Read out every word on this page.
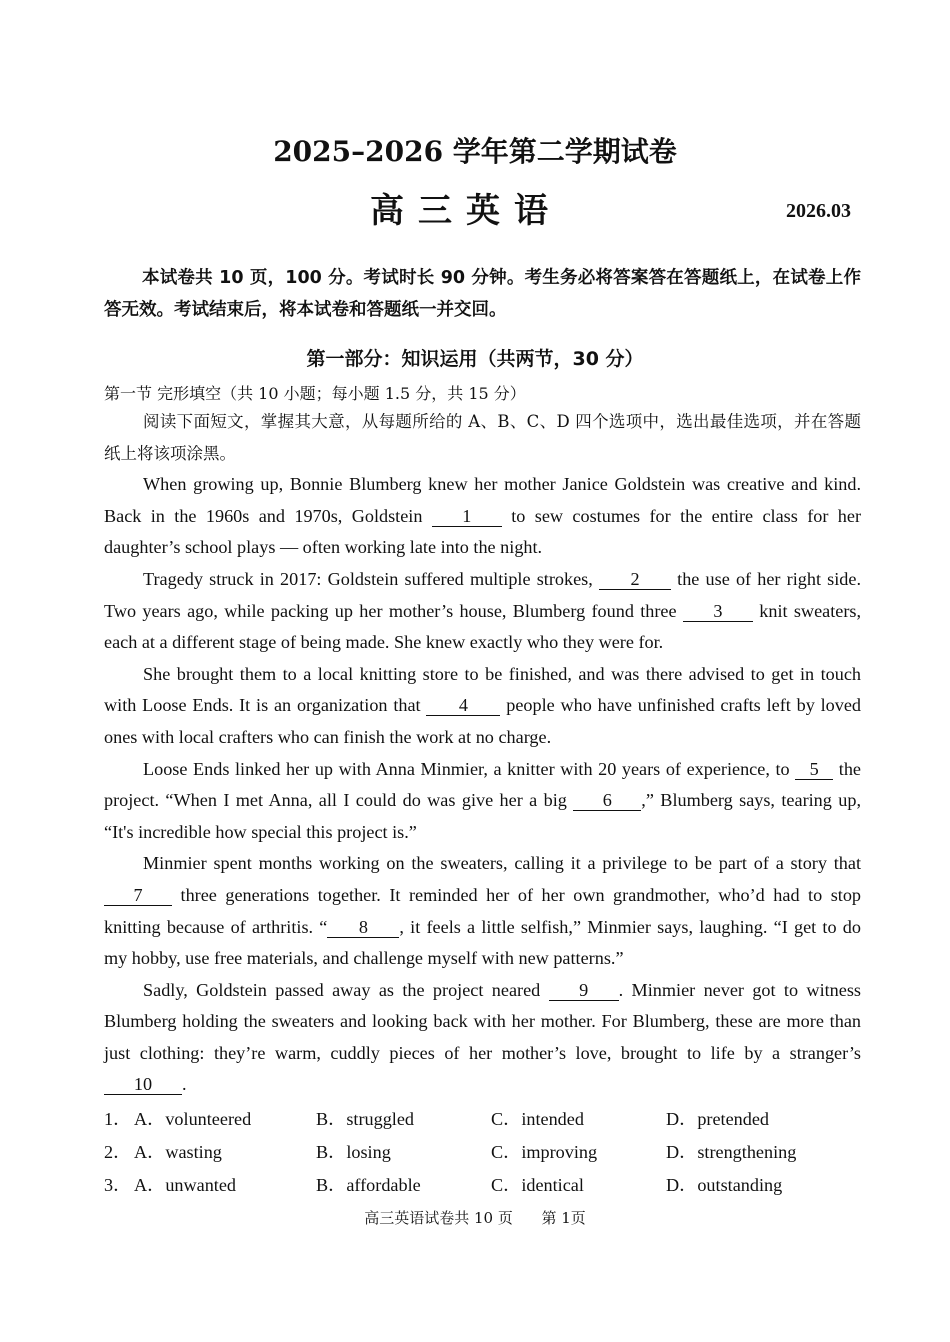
2025–2026 学年第二学期试卷
高三英语	2026.03
本试卷共 10 页，100 分。考试时长 90 分钟。考生务必将答案答在答题纸上，在试卷上作答无效。考试结束后，将本试卷和答题纸一并交回。
第一部分：知识运用（共两节，30 分）
第一节 完形填空（共 10 小题；每小题 1.5 分，共 15 分）

阅读下面短文，掌握其大意，从每题所给的 A、B、C、D 四个选项中，选出最佳选项，并在答题纸上将该项涂黑。

When growing up, Bonnie Blumberg knew her mother Janice Goldstein was creative and kind. Back in the 1960s and 1970s, Goldstein 1 to sew costumes for the entire class for her daughter’s school plays — often working late into the night.

Tragedy struck in 2017: Goldstein suffered multiple strokes, 2 the use of her right side. Two years ago, while packing up her mother’s house, Blumberg found three 3 knit sweaters, each at a different stage of being made. She knew exactly who they were for.

She brought them to a local knitting store to be finished, and was there advised to get in touch with Loose Ends. It is an organization that 4 people who have unfinished crafts left by loved ones with local crafters who can finish the work at no charge.

Loose Ends linked her up with Anna Minmier, a knitter with 20 years of experience, to 5 the project. “When I met Anna, all I could do was give her a big 6 ,” Blumberg says, tearing up, “It's incredible how special this project is.”

Minmier spent months working on the sweaters, calling it a privilege to be part of a story that 7 three generations together. It reminded her of her own grandmother, who’d had to stop knitting because of arthritis. “ 8 , it feels a little selfish,” Minmier says, laughing. “I get to do my hobby, use free materials, and challenge myself with new patterns.”

Sadly, Goldstein passed away as the project neared 9 . Minmier never got to witness Blumberg holding the sweaters and looking back with her mother. For Blumberg, these are more than just clothing: they’re warm, cuddly pieces of her mother’s love, brought to life by a stranger’s 10 .

1． A．volunteered	B．struggled	C．intended	D．pretended
2． A．wasting	B．losing	C．improving	D．strengthening
3． A．unwanted	B．affordable	C．identical	D．outstanding
高三英语试卷共 10 页      第 1页
